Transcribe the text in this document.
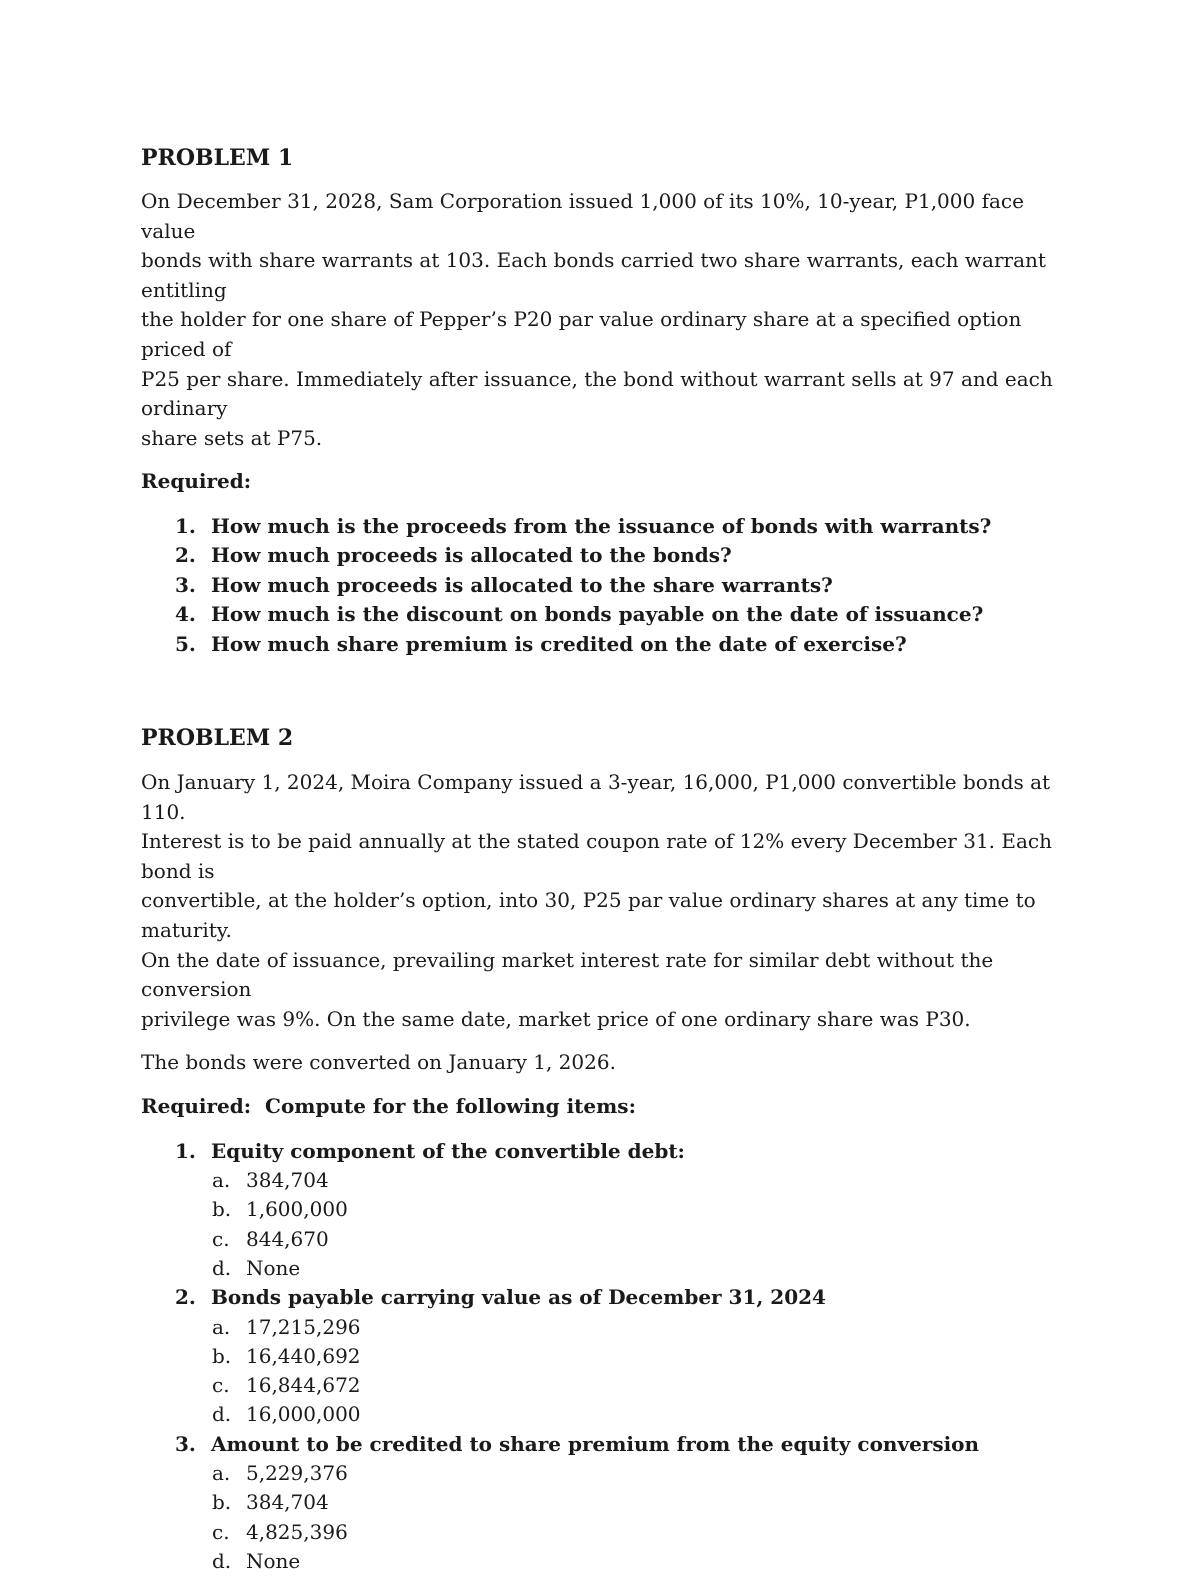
PROBLEM 1
On December 31, 2028, Sam Corporation issued 1,000 of its 10%, 10-year, P1,000 face value
bonds with share warrants at 103. Each bonds carried two share warrants, each warrant entitling
the holder for one share of Pepper’s P20 par value ordinary share at a specified option priced of
P25 per share. Immediately after issuance, the bond without warrant sells at 97 and each ordinary
share sets at P75.

Required:

1. How much is the proceeds from the issuance of bonds with warrants?
2. How much proceeds is allocated to the bonds?
3. How much proceeds is allocated to the share warrants?
4. How much is the discount on bonds payable on the date of issuance?
5. How much share premium is credited on the date of exercise?
PROBLEM 2
On January 1, 2024, Moira Company issued a 3-year, 16,000, P1,000 convertible bonds at 110.
Interest is to be paid annually at the stated coupon rate of 12% every December 31. Each bond is
convertible, at the holder’s option, into 30, P25 par value ordinary shares at any time to maturity.
On the date of issuance, prevailing market interest rate for similar debt without the conversion
privilege was 9%. On the same date, market price of one ordinary share was P30.

The bonds were converted on January 1, 2026.

Required:  Compute for the following items:

1. Equity component of the convertible debt:
a. 384,704
b. 1,600,000
c. 844,670
d. None
2. Bonds payable carrying value as of December 31, 2024
a. 17,215,296
b. 16,440,692
c. 16,844,672
d. 16,000,000
3. Amount to be credited to share premium from the equity conversion
a. 5,229,376
b. 384,704
c. 4,825,396
d. None
